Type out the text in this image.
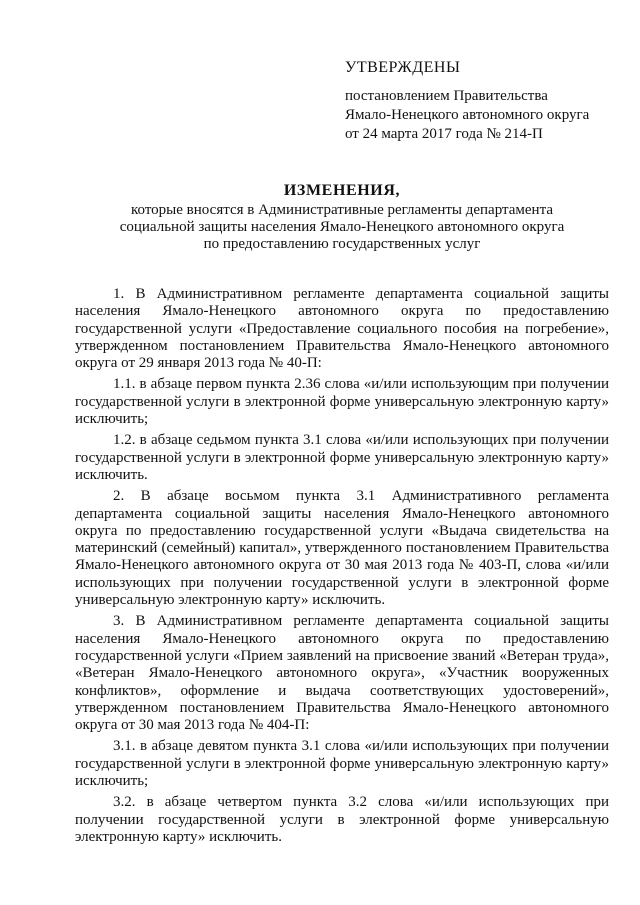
УТВЕРЖДЕНЫ
постановлением Правительства
Ямало-Ненецкого автономного округа
от 24 марта 2017 года № 214-П
ИЗМЕНЕНИЯ,
которые вносятся в Административные регламенты департамента
социальной защиты населения Ямало-Ненецкого автономного округа
по предоставлению государственных услуг

1. В Административном регламенте департамента социальной защиты населения Ямало-Ненецкого автономного округа по предоставлению государственной услуги «Предоставление социального пособия на погребение», утвержденном постановлением Правительства Ямало-Ненецкого автономного округа от 29 января 2013 года № 40-П:

1.1. в абзаце первом пункта 2.36 слова «и/или использующим при получении государственной услуги в электронной форме универсальную электронную карту» исключить;

1.2. в абзаце седьмом пункта 3.1 слова «и/или использующих при получении государственной услуги в электронной форме универсальную электронную карту» исключить.

2. В абзаце восьмом пункта 3.1 Административного регламента департамента социальной защиты населения Ямало-Ненецкого автономного округа по предоставлению государственной услуги «Выдача свидетельства на материнский (семейный) капитал», утвержденного постановлением Правительства Ямало-Ненецкого автономного округа от 30 мая 2013 года № 403-П, слова «и/или использующих при получении государственной услуги в электронной форме универсальную электронную карту» исключить.

3. В Административном регламенте департамента социальной защиты населения Ямало-Ненецкого автономного округа по предоставлению государственной услуги «Прием заявлений на присвоение званий «Ветеран труда», «Ветеран Ямало-Ненецкого автономного округа», «Участник вооруженных конфликтов», оформление и выдача соответствующих удостоверений», утвержденном постановлением Правительства Ямало-Ненецкого автономного округа от 30 мая 2013 года № 404-П:

3.1. в абзаце девятом пункта 3.1 слова «и/или использующих при получении государственной услуги в электронной форме универсальную электронную карту» исключить;

3.2. в абзаце четвертом пункта 3.2 слова «и/или использующих при получении государственной услуги в электронной форме универсальную электронную карту» исключить.
